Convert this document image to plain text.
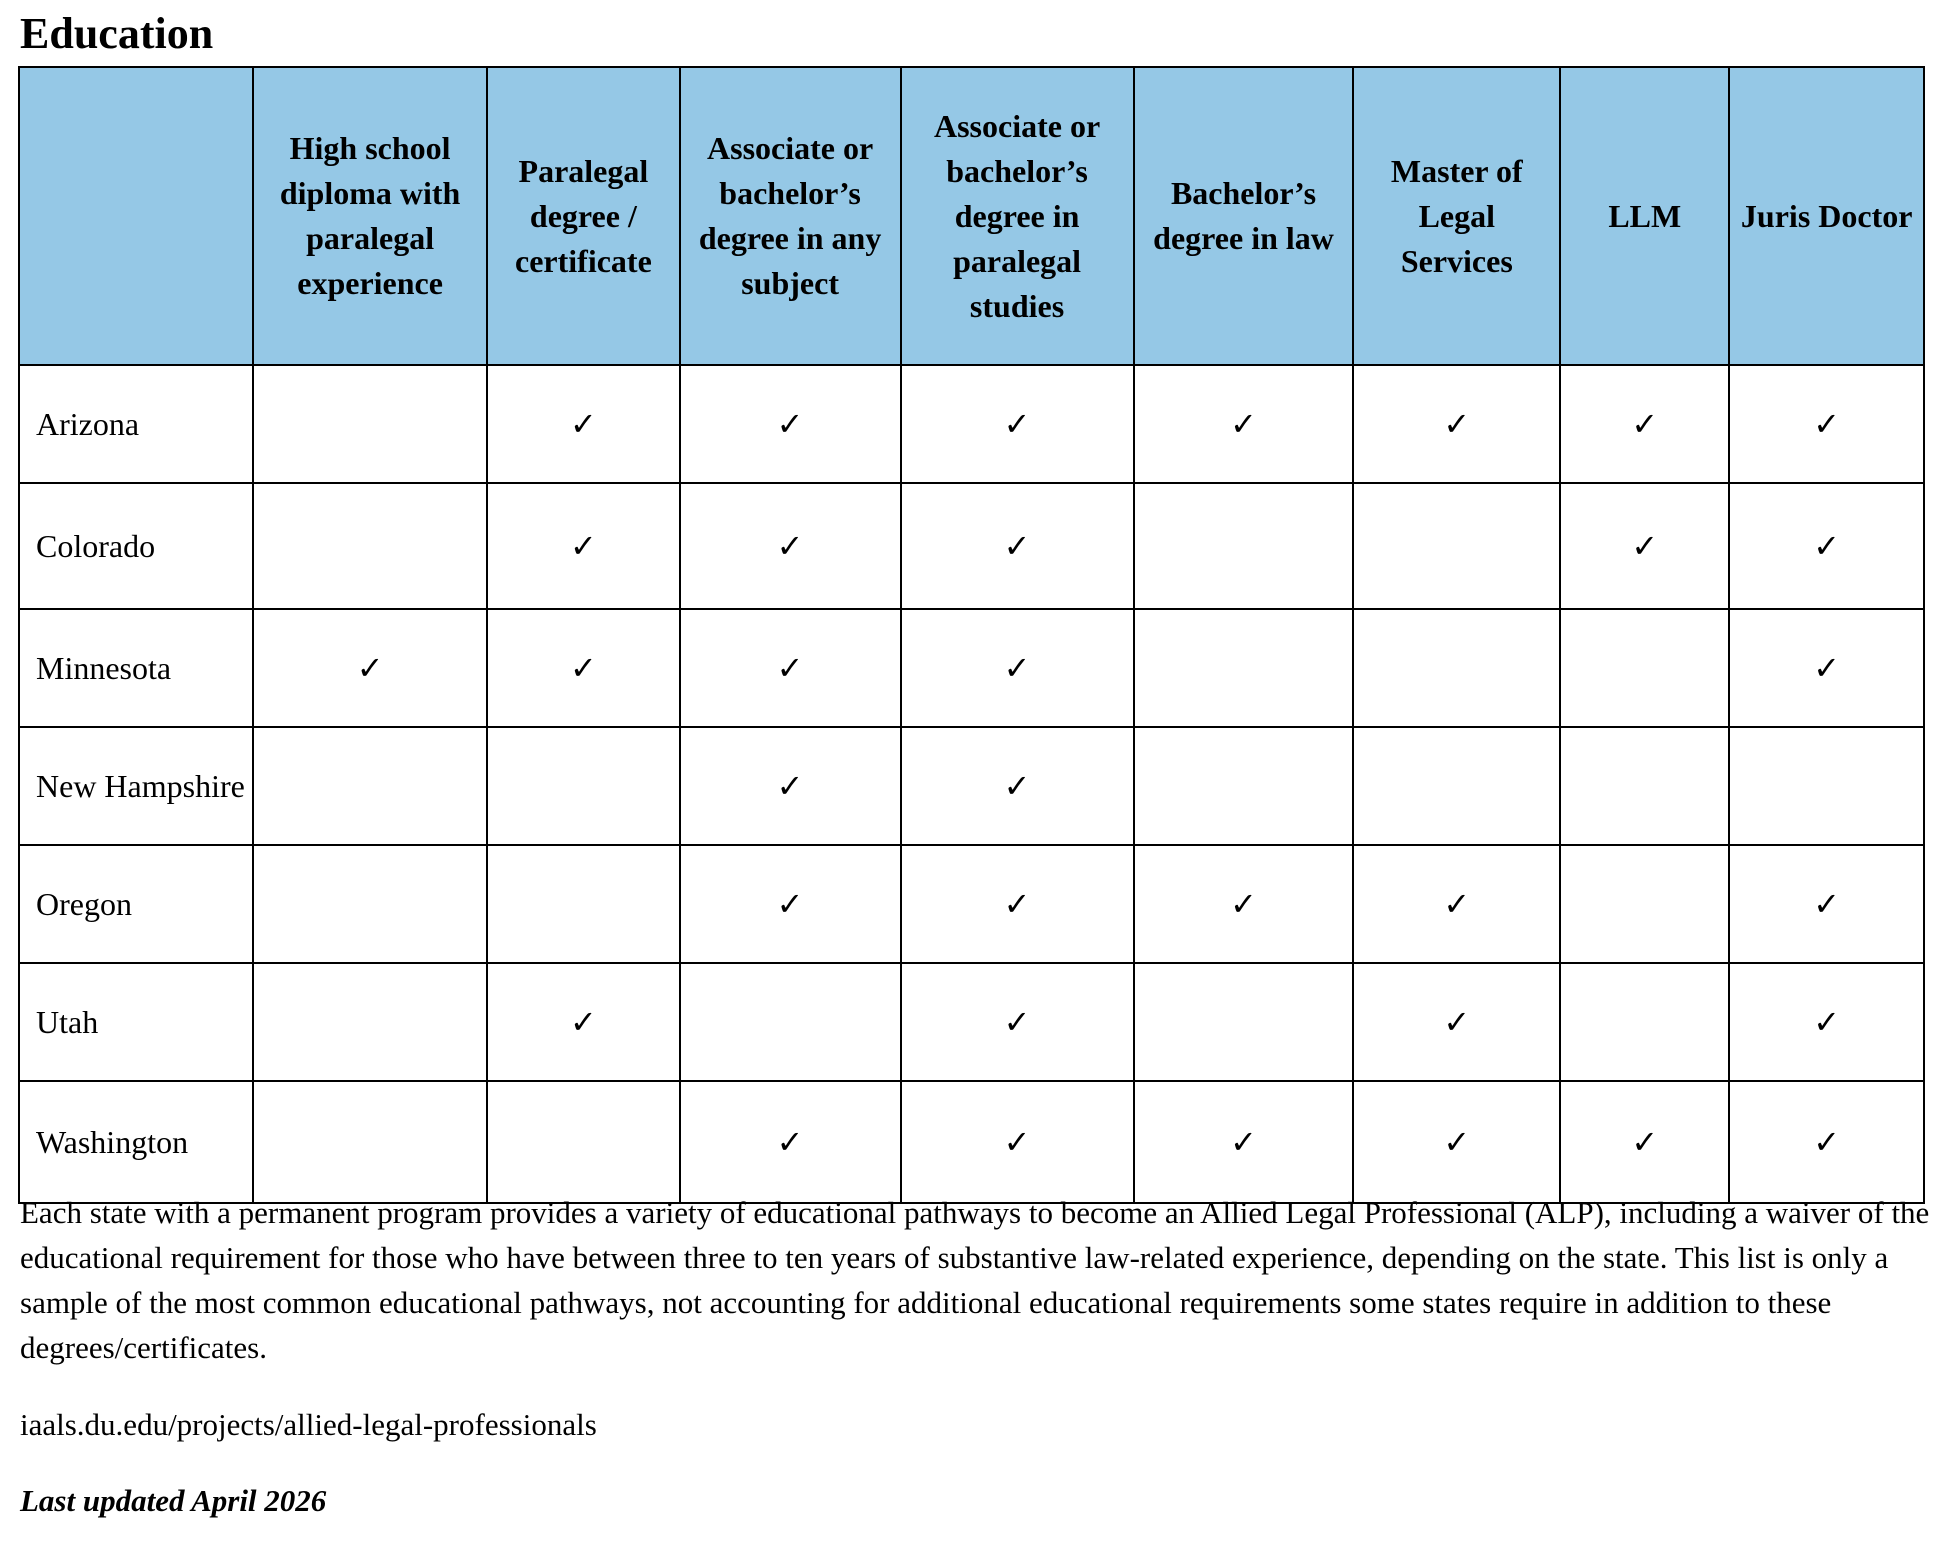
Education
	High school diploma with paralegal experience	Paralegal degree / certificate	Associate or bachelor’s degree in any subject	Associate or bachelor’s degree in paralegal studies	Bachelor’s degree in law	Master of Legal Services	LLM	Juris Doctor
Arizona		✓	✓	✓	✓	✓	✓	✓
Colorado		✓	✓	✓			✓	✓
Minnesota	✓	✓	✓	✓				✓
New Hampshire			✓	✓				
Oregon			✓	✓	✓	✓		✓
Utah		✓		✓		✓		✓
Washington			✓	✓	✓	✓	✓	✓

Each state with a permanent program provides a variety of educational pathways to become an Allied Legal Professional (ALP), including a waiver of the educational requirement for those who have between three to ten years of substantive law-related experience, depending on the state. This list is only a sample of the most common educational pathways, not accounting for additional educational requirements some states require in addition to these degrees/certificates.

iaals.du.edu/projects/allied-legal-professionals

Last updated April 2026
